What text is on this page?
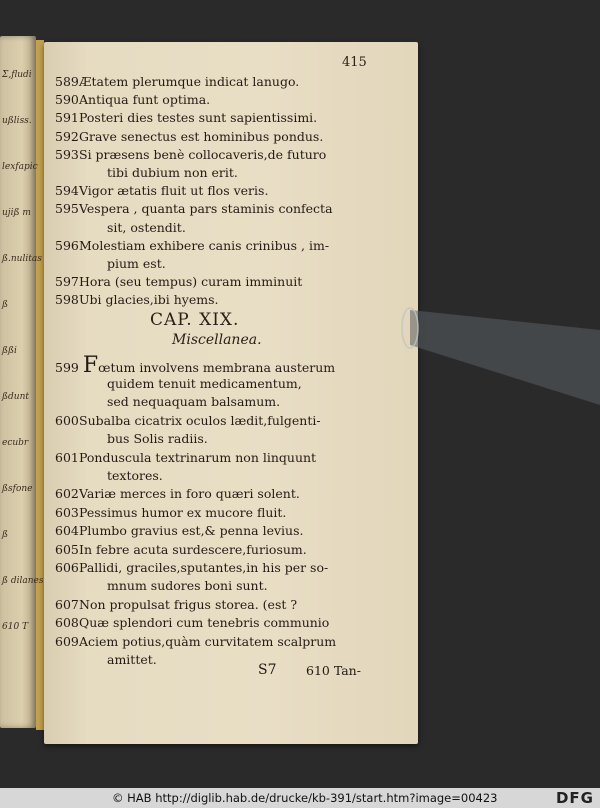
415
589Ætatem plerumque indicat lanugo.
590Antiqua funt optima.
591Posteri dies testes sunt sapientissimi.
592Grave senectus est hominibus pondus.
593Si præsens benè collocaveris,de futuro
tibi dubium non erit.
594Vigor ætatis fluit ut flos veris.
595Vespera , quanta pars staminis confecta
sit, ostendit.
596Molestiam exhibere canis crinibus , im-
pium est.
597Hora (seu tempus) curam imminuit
598Ubi glacies,ibi hyems.
quidem tenuit medicamentum,
sed nequaquam balsamum.
600Subalba cicatrix oculos lædit,fulgenti-
bus Solis radiis.
601Ponduscula textrinarum non linquunt
textores.
602Variæ merces in foro quæri solent.
603Pessimus humor ex mucore fluit.
604Plumbo gravius est,& penna levius.
605In febre acuta surdescere,furiosum.
606Pallidi, graciles,sputantes,in his per so-
mnum sudores boni sunt.
607Non propulsat frigus storea. (est ?
608Quæ splendori cum tenebris communio
609Aciem potius,quàm curvitatem scalprum
amittet.
CAP. XIX.
Miscellanea.
599 Fœtum involvens membrana austerum
S7 610 Tan-
Σ,fludi
ußliss.
lexfapic
ujiß m
ß.nulitas
ß
ßßi
ßdunt
ecubr
ßsfone
ß
ß dilanes
610 T
© HAB http://diglib.hab.de/drucke/kb-391/start.htm?image=00423	DFG
